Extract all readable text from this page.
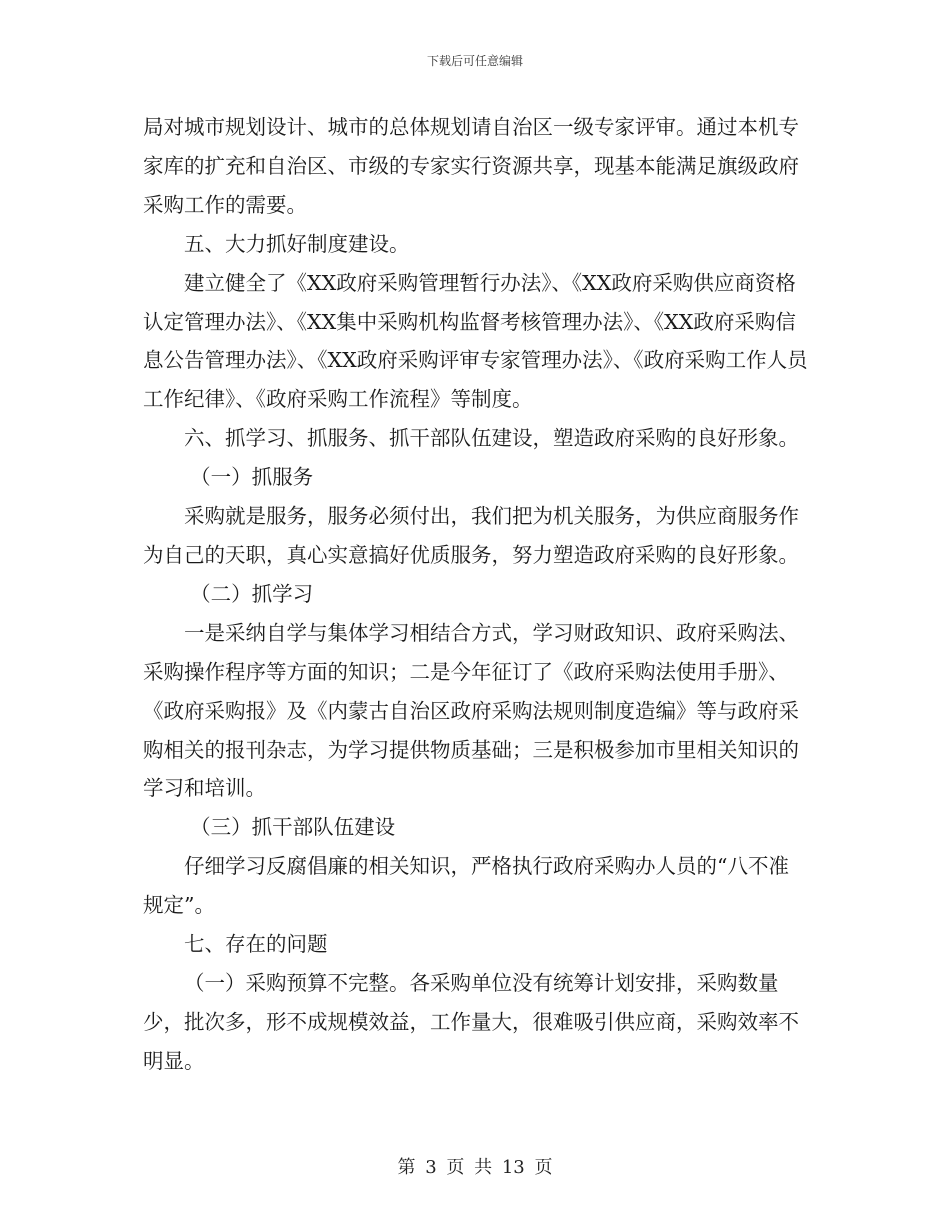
下载后可任意编辑

局对城市规划设计、城市的总体规划请自治区一级专家评审。通过本机专家库的扩充和自治区、市级的专家实行资源共享，现基本能满足旗级政府采购工作的需要。

五、大力抓好制度建设。

建立健全了《XX政府采购管理暂行办法》、《XX政府采购供应商资格认定管理办法》、《XX集中采购机构监督考核管理办法》、《XX政府采购信息公告管理办法》、《XX政府采购评审专家管理办法》、《政府采购工作人员工作纪律》、《政府采购工作流程》等制度。

六、抓学习、抓服务、抓干部队伍建设，塑造政府采购的良好形象。

（一）抓服务

采购就是服务，服务必须付出，我们把为机关服务，为供应商服务作为自己的天职，真心实意搞好优质服务，努力塑造政府采购的良好形象。

（二）抓学习

一是采纳自学与集体学习相结合方式，学习财政知识、政府采购法、采购操作程序等方面的知识；二是今年征订了《政府采购法使用手册》、《政府采购报》及《内蒙古自治区政府采购法规则制度造编》等与政府采购相关的报刊杂志，为学习提供物质基础；三是积极参加市里相关知识的学习和培训。

（三）抓干部队伍建设

仔细学习反腐倡廉的相关知识，严格执行政府采购办人员的“八不准规定”。

七、存在的问题

（一）采购预算不完整。各采购单位没有统筹计划安排，采购数量少，批次多，形不成规模效益，工作量大，很难吸引供应商，采购效率不明显。

第 3 页 共 13 页
